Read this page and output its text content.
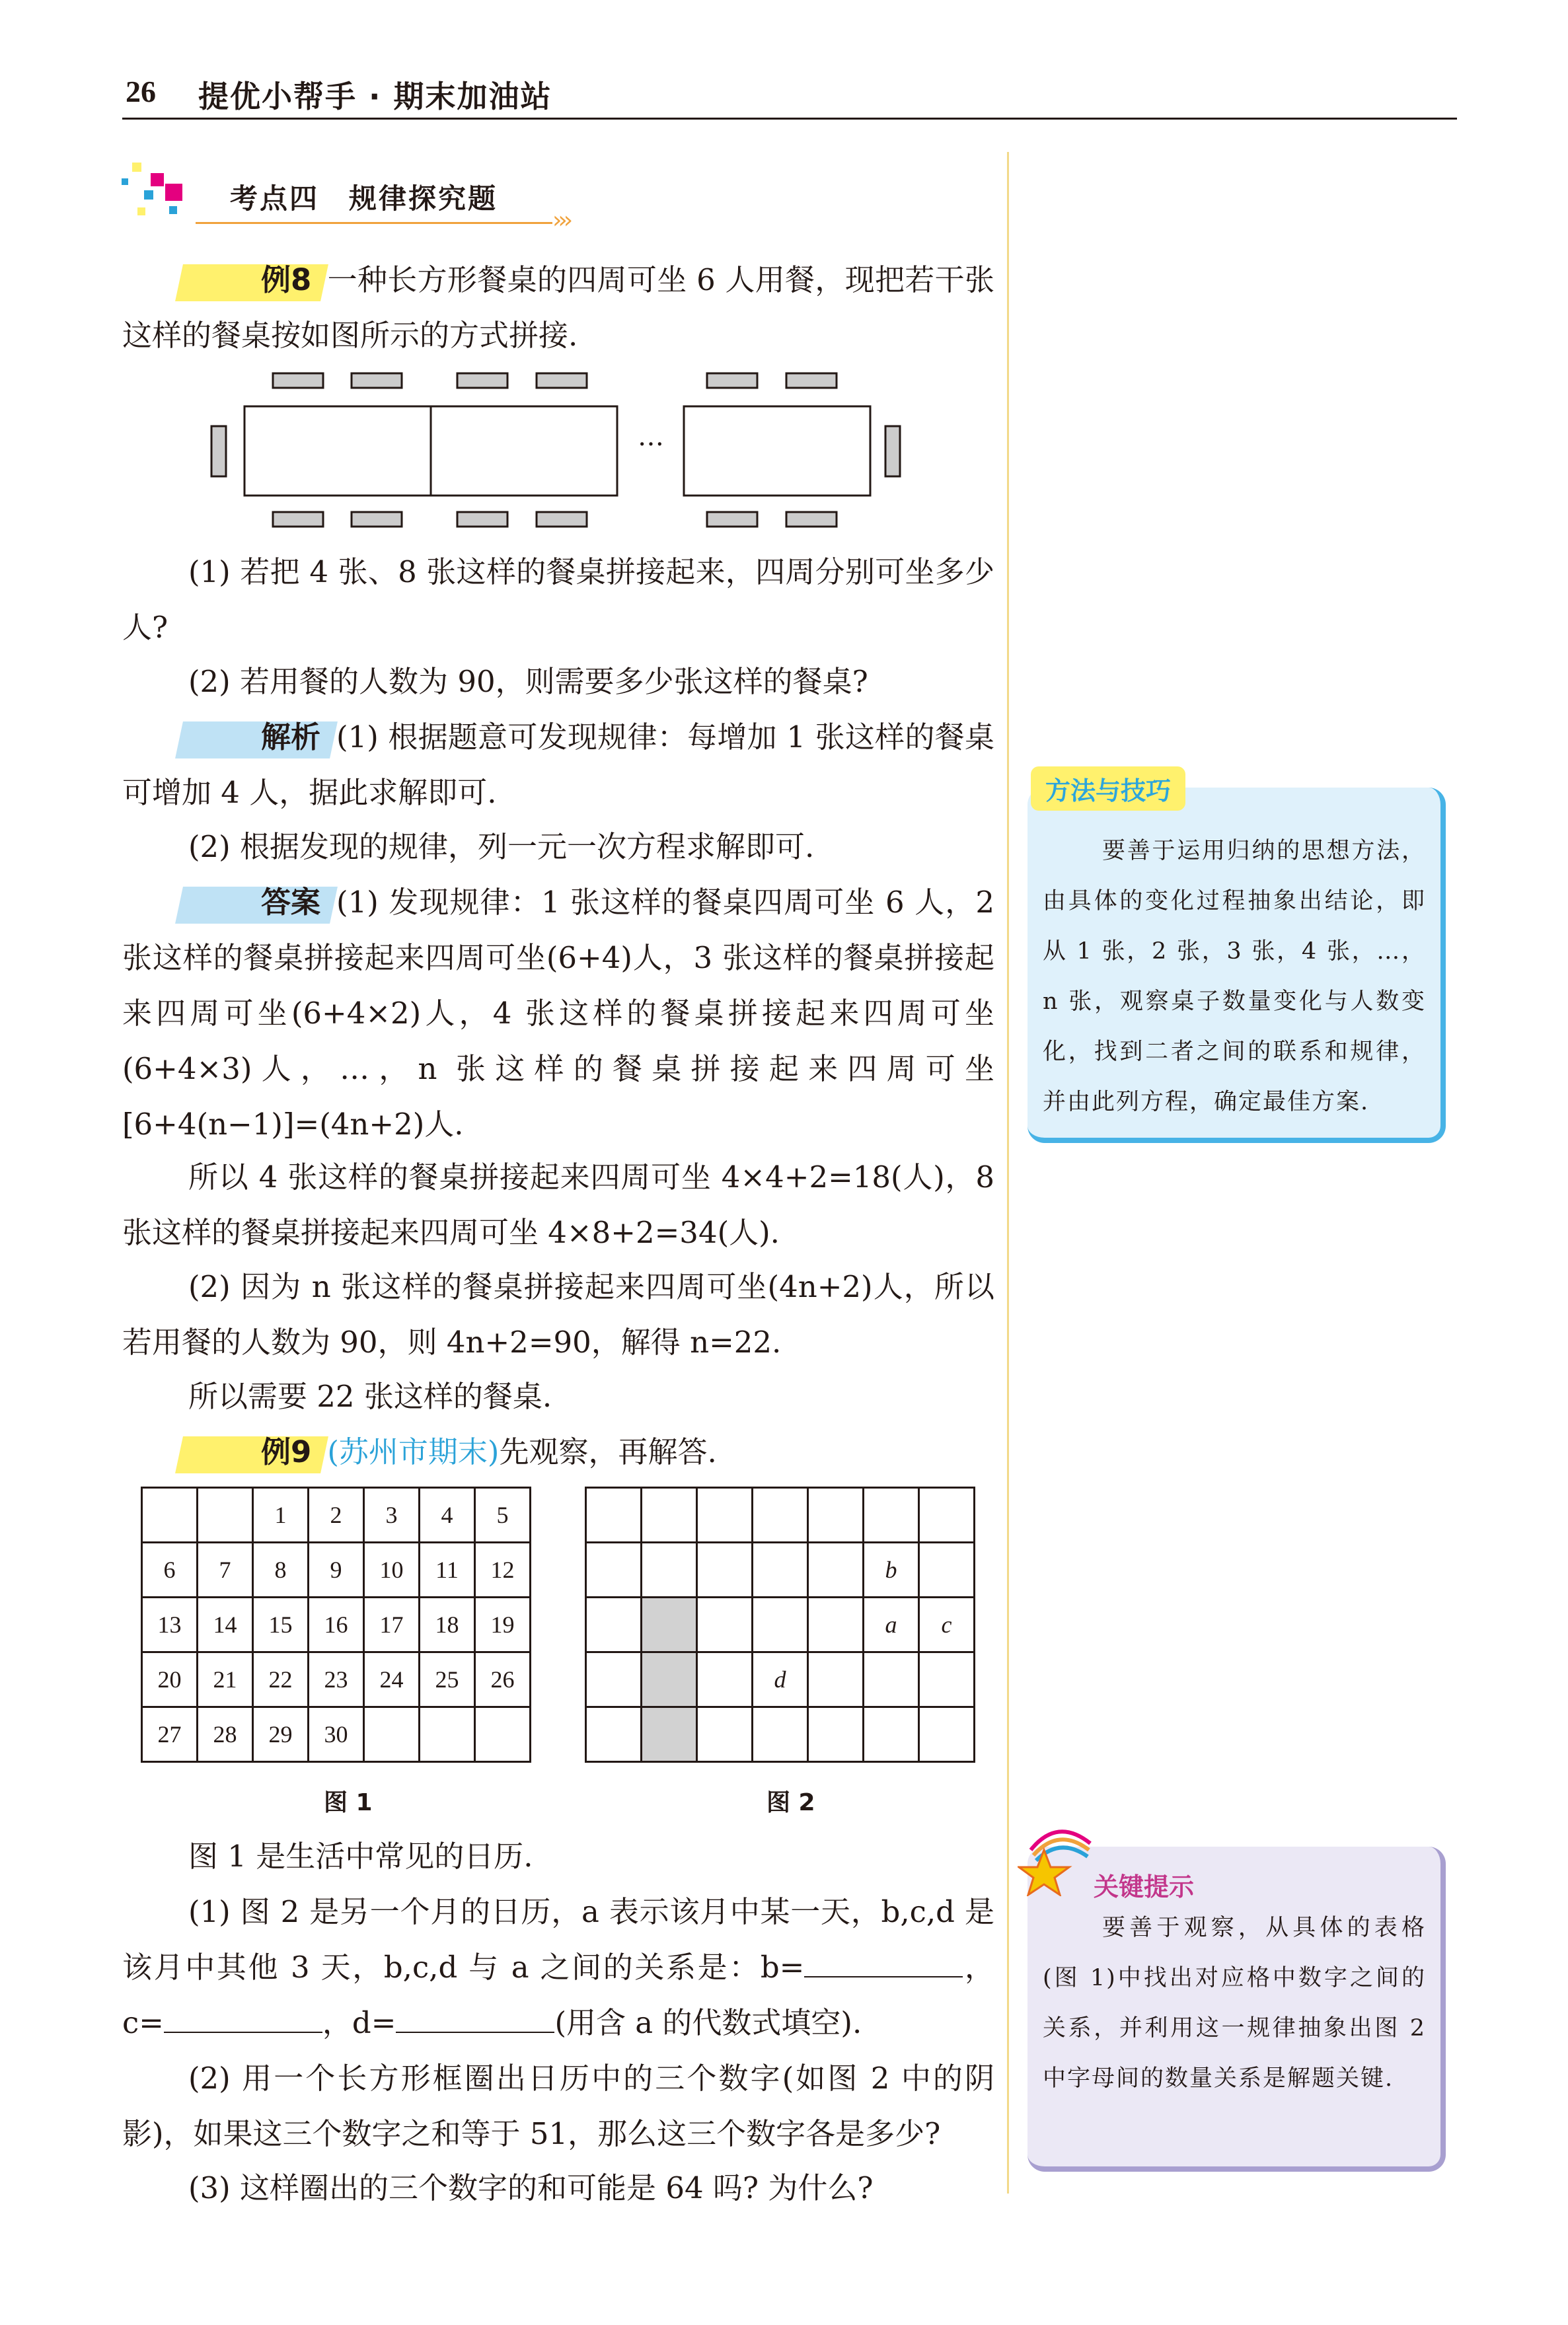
26 提优小帮手 · 期末加油站
考点四　规律探究题
›››
例8 一种长方形餐桌的四周可坐 6 人用餐，现把若干张这样的餐桌按如图所示的方式拼接.
…
(1) 若把 4 张、8 张这样的餐桌拼接起来，四周分别可坐多少人?
(2) 若用餐的人数为 90，则需要多少张这样的餐桌?
解析 (1) 根据题意可发现规律：每增加 1 张这样的餐桌可增加 4 人，据此求解即可.
(2) 根据发现的规律，列一元一次方程求解即可.
答案 (1) 发现规律：1 张这样的餐桌四周可坐 6 人，2 张这样的餐桌拼接起来四周可坐(6+4)人，3 张这样的餐桌拼接起来四周可坐(6+4×2)人，4 张这样的餐桌拼接起来四周可坐(6+4×3)人，…，n 张这样的餐桌拼接起来四周可坐[6+4(n−1)]=(4n+2)人.
所以 4 张这样的餐桌拼接起来四周可坐 4×4+2=18(人)，8 张这样的餐桌拼接起来四周可坐 4×8+2=34(人).
(2) 因为 n 张这样的餐桌拼接起来四周可坐(4n+2)人，所以若用餐的人数为 90，则 4n+2=90，解得 n=22.
所以需要 22 张这样的餐桌.
例9 (苏州市期末)先观察，再解答.
		1	2	3	4	5
6	7	8	9	10	11	12
13	14	15	16	17	18	19
20	21	22	23	24	25	26
27	28	29	30			

					b	
					a	c
			d			

图 1	图 2
图 1 是生活中常见的日历.
(1) 图 2 是另一个月的日历，a 表示该月中某一天，b,c,d 是该月中其他 3 天，b,c,d 与 a 之间的关系是：b=	，c=	，d=	(用含 a 的代数式填空).
(2) 用一个长方形框圈出日历中的三个数字(如图 2 中的阴影)，如果这三个数字之和等于 51，那么这三个数字各是多少?
(3) 这样圈出的三个数字的和可能是 64 吗? 为什么?
方法与技巧
要善于运用归纳的思想方法，由具体的变化过程抽象出结论，即从 1 张，2 张，3 张，4 张，…，n 张，观察桌子数量变化与人数变化，找到二者之间的联系和规律，并由此列方程，确定最佳方案.
关键提示
要善于观察，从具体的表格(图 1)中找出对应格中数字之间的关系，并利用这一规律抽象出图 2 中字母间的数量关系是解题关键.
